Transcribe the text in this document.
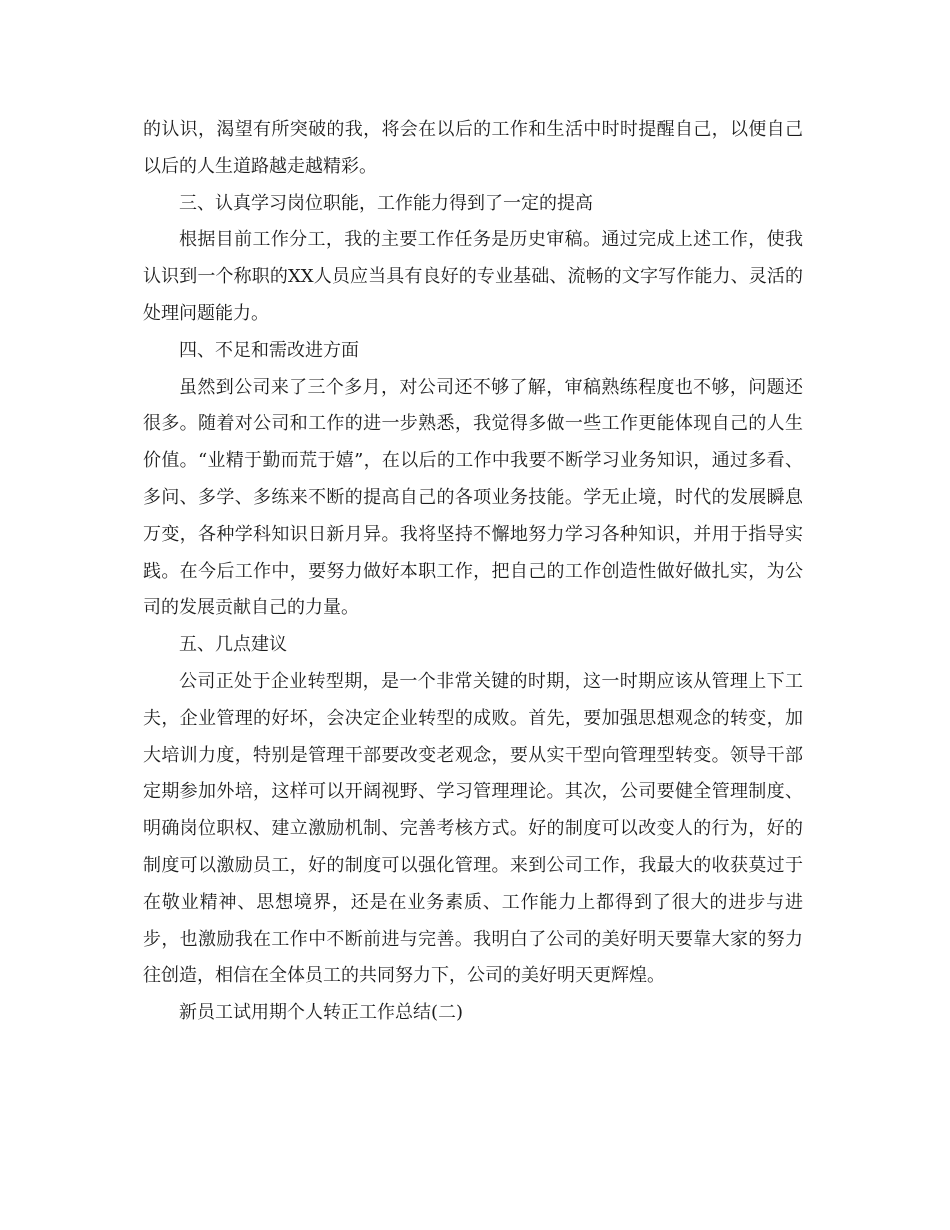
的认识，渴望有所突破的我，将会在以后的工作和生活中时时提醒自己，以便自己以后的人生道路越走越精彩。

三、认真学习岗位职能，工作能力得到了一定的提高

根据目前工作分工，我的主要工作任务是历史审稿。通过完成上述工作，使我认识到一个称职的XX人员应当具有良好的专业基础、流畅的文字写作能力、灵活的处理问题能力。

四、不足和需改进方面

虽然到公司来了三个多月，对公司还不够了解，审稿熟练程度也不够，问题还很多。随着对公司和工作的进一步熟悉，我觉得多做一些工作更能体现自己的人生价值。“业精于勤而荒于嬉”，在以后的工作中我要不断学习业务知识，通过多看、多问、多学、多练来不断的提高自己的各项业务技能。学无止境，时代的发展瞬息万变，各种学科知识日新月异。我将坚持不懈地努力学习各种知识，并用于指导实践。在今后工作中，要努力做好本职工作，把自己的工作创造性做好做扎实，为公司的发展贡献自己的力量。

五、几点建议

公司正处于企业转型期，是一个非常关键的时期，这一时期应该从管理上下工夫，企业管理的好坏，会决定企业转型的成败。首先，要加强思想观念的转变，加大培训力度，特别是管理干部要改变老观念，要从实干型向管理型转变。领导干部定期参加外培，这样可以开阔视野、学习管理理论。其次，公司要健全管理制度、明确岗位职权、建立激励机制、完善考核方式。好的制度可以改变人的行为，好的制度可以激励员工，好的制度可以强化管理。来到公司工作，我最大的收获莫过于在敬业精神、思想境界，还是在业务素质、工作能力上都得到了很大的进步与进步，也激励我在工作中不断前进与完善。我明白了公司的美好明天要靠大家的努力往创造，相信在全体员工的共同努力下，公司的美好明天更辉煌。

新员工试用期个人转正工作总结(二)
